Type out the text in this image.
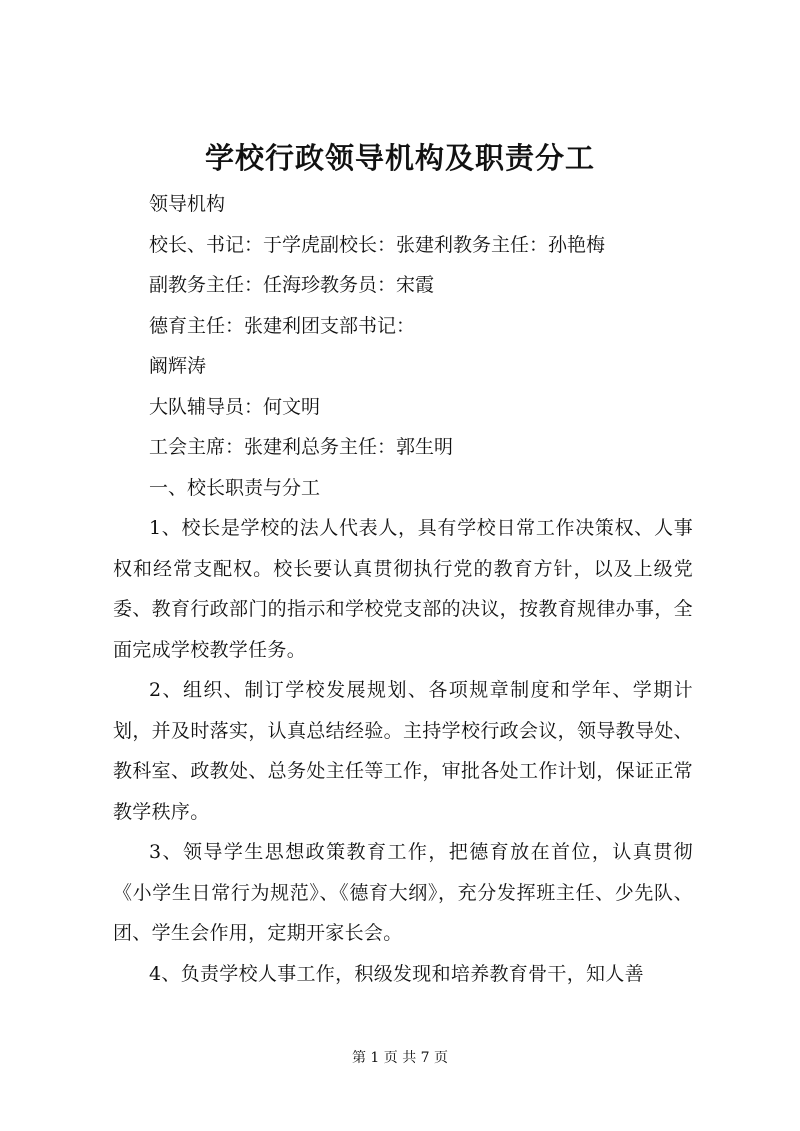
学校行政领导机构及职责分工
领导机构
校长、书记：于学虎副校长：张建利教务主任：孙艳梅
副教务主任：任海珍教务员：宋霞
德育主任：张建利团支部书记：
阚辉涛
大队辅导员：何文明
工会主席：张建利总务主任：郭生明
一、校长职责与分工

1、校长是学校的法人代表人，具有学校日常工作决策权、人事权和经常支配权。校长要认真贯彻执行党的教育方针，以及上级党委、教育行政部门的指示和学校党支部的决议，按教育规律办事，全面完成学校教学任务。

2、组织、制订学校发展规划、各项规章制度和学年、学期计划，并及时落实，认真总结经验。主持学校行政会议，领导教导处、教科室、政教处、总务处主任等工作，审批各处工作计划，保证正常教学秩序。

3、领导学生思想政策教育工作，把德育放在首位，认真贯彻《小学生日常行为规范》、《德育大纲》，充分发挥班主任、少先队、团、学生会作用，定期开家长会。

4、负责学校人事工作，积级发现和培养教育骨干，知人善

第 1 页 共 7 页
